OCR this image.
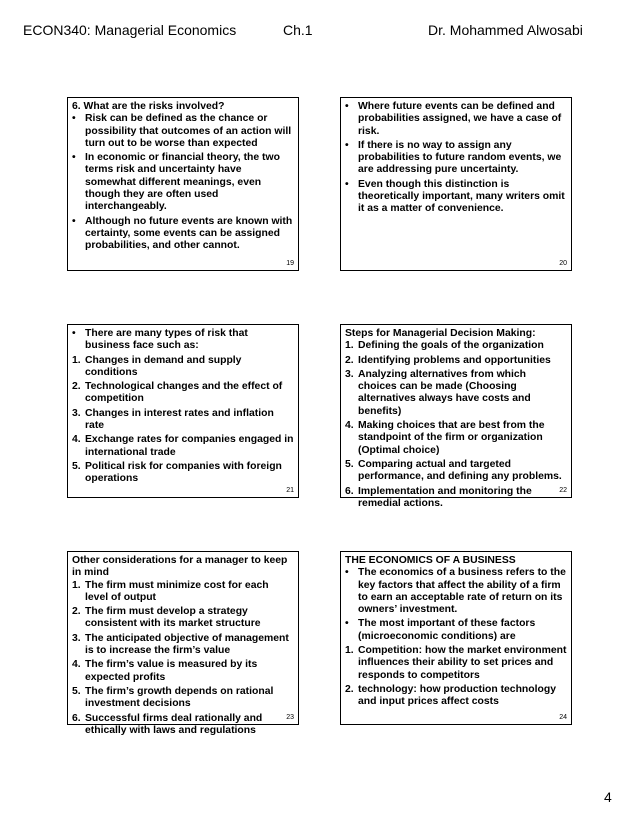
ECON340: Managerial Economics	Ch.1	Dr. Mohammed Alwosabi
6. What are the risks involved?
• Risk can be defined as the chance or possibility that outcomes of an action will turn out to be worse than expected
• In economic or financial theory, the two terms risk and uncertainty have somewhat different meanings, even though they are often used interchangeably.
• Although no future events are known with certainty, some events can be assigned probabilities, and other cannot.
19
• Where future events can be defined and probabilities assigned, we have a case of risk.
• If there is no way to assign any probabilities to future random events, we are addressing pure uncertainty.
• Even though this distinction is theoretically important, many writers omit it as a matter of convenience.
20
• There are many types of risk that business face such as:
1. Changes in demand and supply conditions
2. Technological changes and the effect of competition
3. Changes in interest rates and inflation rate
4. Exchange rates for companies engaged in international trade
5. Political risk for companies with foreign operations
21
Steps for Managerial Decision Making:
1. Defining the goals of the organization
2. Identifying problems and opportunities
3. Analyzing alternatives from which choices can be made (Choosing alternatives always have costs and benefits)
4. Making choices that are best from the standpoint of the firm or organization (Optimal choice)
5. Comparing actual and targeted performance, and defining any problems.
6. Implementation and monitoring the remedial actions.
22
Other considerations for a manager to keep in mind
1. The firm must minimize cost for each level of output
2. The firm must develop a strategy consistent with its market structure
3. The anticipated objective of management is to increase the firm’s value
4. The firm’s value is measured by its expected profits
5. The firm’s growth depends on rational investment decisions
6. Successful firms deal rationally and ethically with laws and regulations
23
THE ECONOMICS OF A BUSINESS
• The economics of a business refers to the key factors that affect the ability of a firm to earn an acceptable rate of return on its owners’ investment.
• The most important of these factors (microeconomic conditions) are
1. Competition: how the market environment influences their ability to set prices and responds to competitors
2. technology: how production technology and input prices affect costs
24
4
